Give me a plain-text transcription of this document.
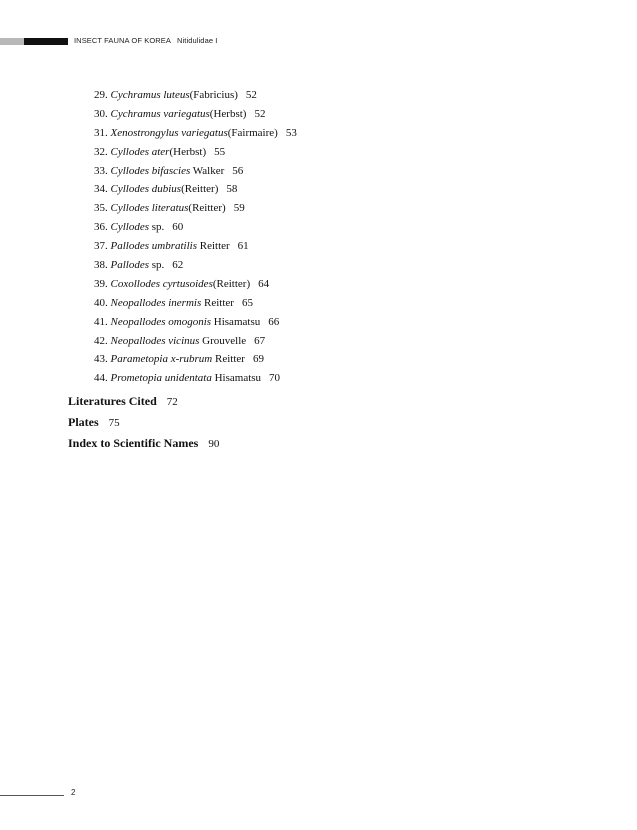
INSECT FAUNA OF KOREA Nitidulidae I
29. Cychramus luteus(Fabricius) 52
30. Cychramus variegatus(Herbst) 52
31. Xenostrongylus variegatus(Fairmaire) 53
32. Cyllodes ater(Herbst) 55
33. Cyllodes bifascies Walker 56
34. Cyllodes dubius(Reitter) 58
35. Cyllodes literatus(Reitter) 59
36. Cyllodes sp. 60
37. Pallodes umbratilis Reitter 61
38. Pallodes sp. 62
39. Coxollodes cyrtusoides(Reitter) 64
40. Neopallodes inermis Reitter 65
41. Neopallodes omogonis Hisamatsu 66
42. Neopallodes vicinus Grouvelle 67
43. Parametopia x-rubrum Reitter 69
44. Prometopia unidentata Hisamatsu 70
Literatures Cited 72
Plates 75
Index to Scientific Names 90
2
